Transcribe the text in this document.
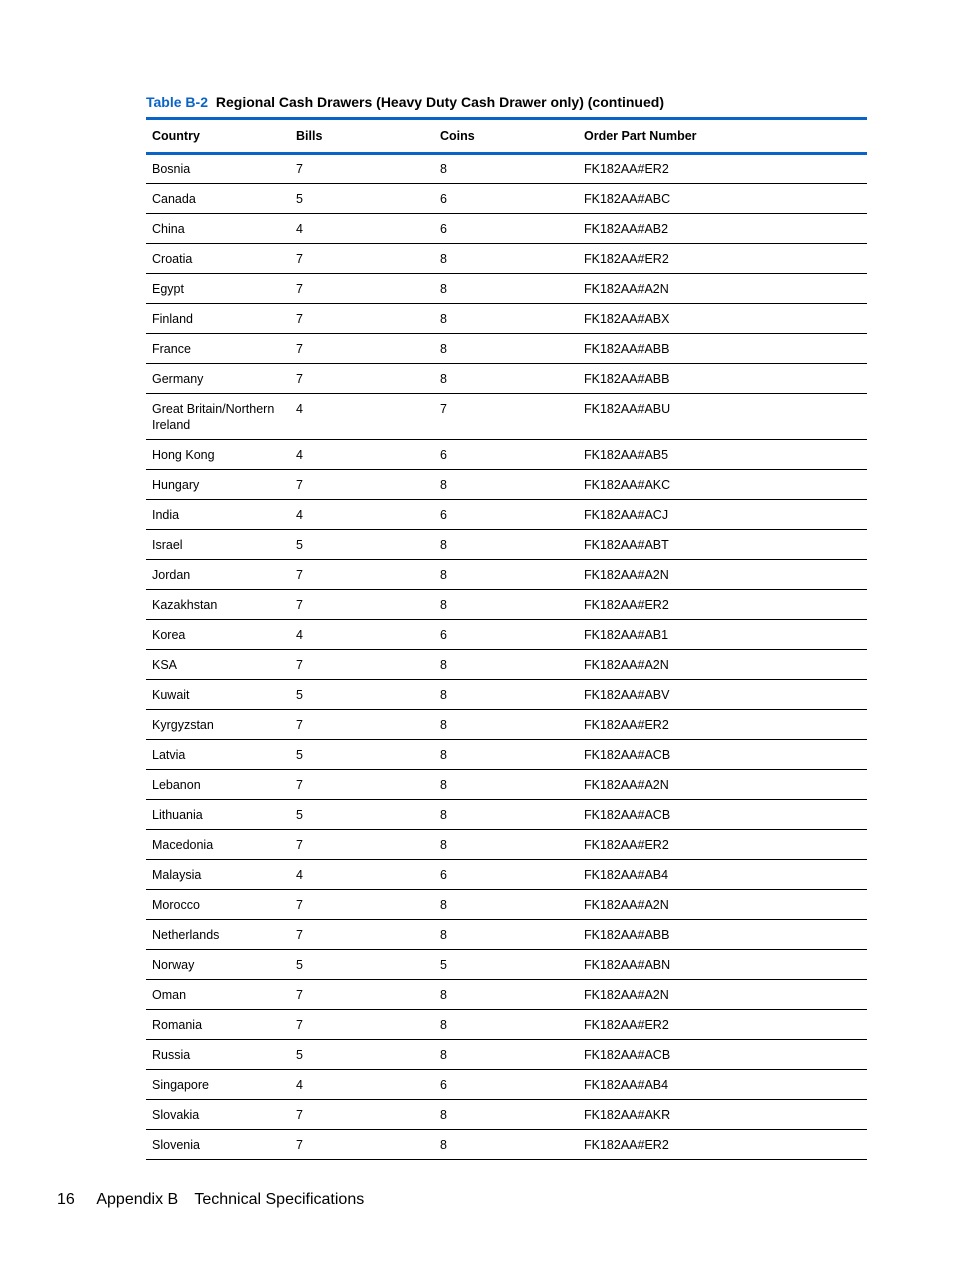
Table B-2 Regional Cash Drawers (Heavy Duty Cash Drawer only) (continued)
Country	Bills	Coins	Order Part Number
Bosnia	7	8	FK182AA#ER2
Canada	5	6	FK182AA#ABC
China	4	6	FK182AA#AB2
Croatia	7	8	FK182AA#ER2
Egypt	7	8	FK182AA#A2N
Finland	7	8	FK182AA#ABX
France	7	8	FK182AA#ABB
Germany	7	8	FK182AA#ABB
Great Britain/Northern Ireland	4	7	FK182AA#ABU
Hong Kong	4	6	FK182AA#AB5
Hungary	7	8	FK182AA#AKC
India	4	6	FK182AA#ACJ
Israel	5	8	FK182AA#ABT
Jordan	7	8	FK182AA#A2N
Kazakhstan	7	8	FK182AA#ER2
Korea	4	6	FK182AA#AB1
KSA	7	8	FK182AA#A2N
Kuwait	5	8	FK182AA#ABV
Kyrgyzstan	7	8	FK182AA#ER2
Latvia	5	8	FK182AA#ACB
Lebanon	7	8	FK182AA#A2N
Lithuania	5	8	FK182AA#ACB
Macedonia	7	8	FK182AA#ER2
Malaysia	4	6	FK182AA#AB4
Morocco	7	8	FK182AA#A2N
Netherlands	7	8	FK182AA#ABB
Norway	5	5	FK182AA#ABN
Oman	7	8	FK182AA#A2N
Romania	7	8	FK182AA#ER2
Russia	5	8	FK182AA#ACB
Singapore	4	6	FK182AA#AB4
Slovakia	7	8	FK182AA#AKR
Slovenia	7	8	FK182AA#ER2
16 Appendix B Technical Specifications
